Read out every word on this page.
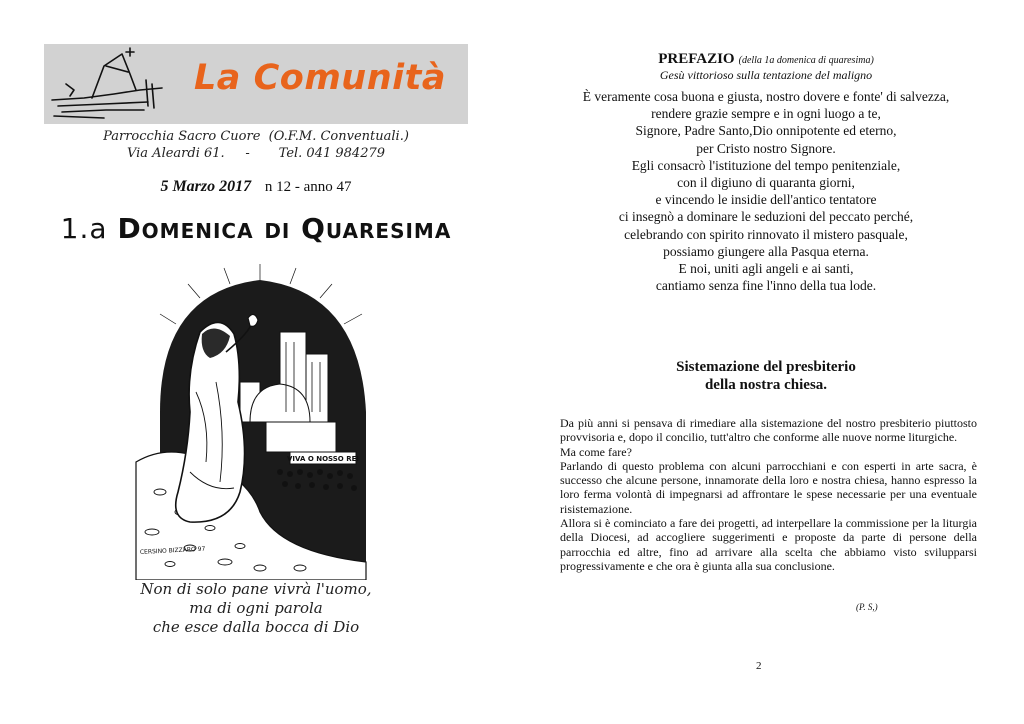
La Comunità
Parrocchia Sacro Cuore  (O.F.M. Conventuali.)
Via Aleardi 61.     -       Tel. 041 984279
5 Marzo 2017 n 12 - anno 47
1.a Domenica di Quaresima
VIVA O NOSSO REI
CERSINO BIZZARO 97
Non di solo pane vivrà l'uomo,
ma di ogni parola
che esce dalla bocca di Dio
PREFAZIO (della 1a domenica di quaresima)
Gesù vittorioso sulla tentazione del maligno
È veramente cosa buona e giusta, nostro dovere e fonte' di salvezza,
rendere grazie sempre e in ogni luogo a te,
Signore, Padre Santo,Dio onnipotente ed eterno,
per Cristo nostro Signore.
Egli consacrò l'istituzione del tempo penitenziale,
con il digiuno di quaranta giorni,
e vincendo le insidie dell'antico tentatore
ci insegnò a dominare le seduzioni del peccato perché,
celebrando con spirito rinnovato il mistero pasquale,
possiamo giungere alla Pasqua eterna.
E noi, uniti agli angeli e ai santi,
cantiamo senza fine l'inno della tua lode.
Sistemazione del presbiterio
della nostra chiesa.

Da più anni si pensava di rimediare alla sistemazione del nostro presbiterio piuttosto provvisoria e, dopo il concilio, tutt'altro che conforme alle nuove norme liturgiche.

Ma come fare?

Parlando di questo problema con alcuni parrocchiani e con esperti in arte sacra, è successo che alcune persone, innamorate della loro e nostra chiesa, hanno espresso la loro ferma volontà di impegnarsi ad affrontare le spese necessarie per una eventuale risistemazione.

Allora si è cominciato a fare dei progetti, ad interpellare la commissione per la liturgia della Diocesi, ad accogliere suggerimenti e proposte da parte di persone della parrocchia ed altre, fino ad arrivare alla scelta che abbiamo visto svilupparsi progressivamente e che ora è giunta alla sua conclusione.

(P. S,)
2
